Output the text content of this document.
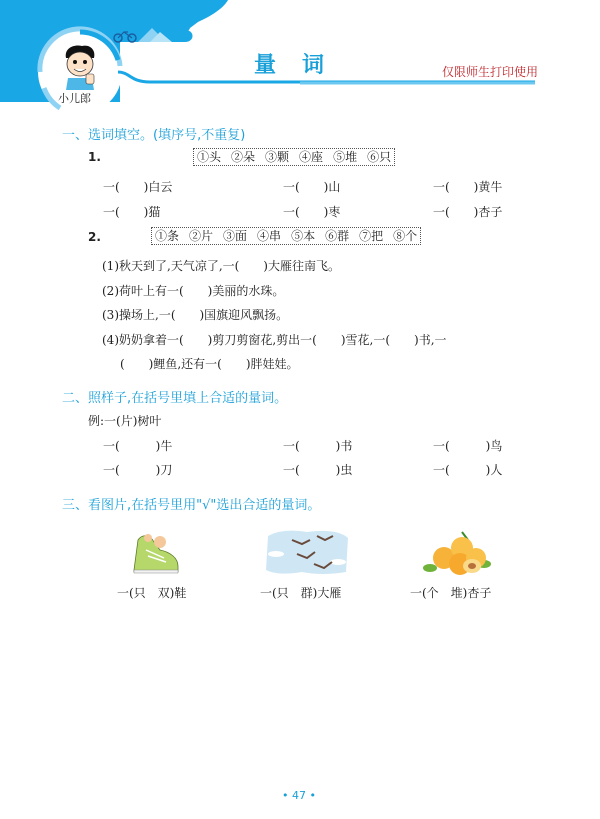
小儿郎
量词	仅限师生打印使用
一、选词填空。(填序号,不重复)
1.	①头 ②朵 ③颗 ④座 ⑤堆 ⑥只
一(　　)白云	一(　　)山	一(　　)黄牛
一(　　)猫	一(　　)枣	一(　　)杏子
2.	①条 ②片 ③面 ④串 ⑤本 ⑥群 ⑦把 ⑧个
(1)秋天到了,天气凉了,一(　　)大雁往南飞。
(2)荷叶上有一(　　)美丽的水珠。
(3)操场上,一(　　)国旗迎风飘扬。
(4)奶奶拿着一(　　)剪刀剪窗花,剪出一(　　)雪花,一(　　)书,一
(　　)鲤鱼,还有一(　　)胖娃娃。
二、照样子,在括号里填上合适的量词。
例:一(片)树叶
一(　　　)牛	一(　　　)书	一(　　　)鸟
一(　　　)刀	一(　　　)虫	一(　　　)人
三、看图片,在括号里用"√"选出合适的量词。
一(只　双)鞋	一(只　群)大雁	一(个　堆)杏子
• 47 •
